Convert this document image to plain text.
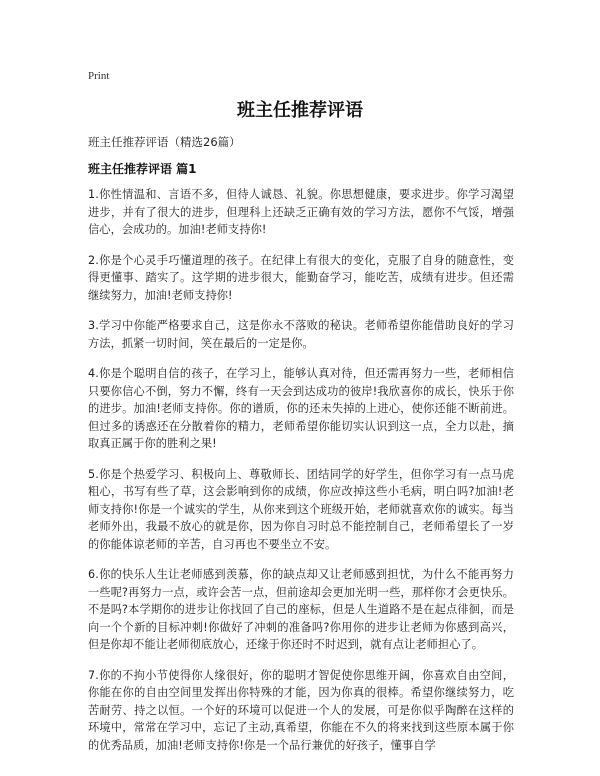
Print
班主任推荐评语
班主任推荐评语（精选26篇）
班主任推荐评语 篇1

1.你性情温和、言语不多，但待人诚恳、礼貌。你思想健康，要求进步。你学习渴望进步，并有了很大的进步，但理科上还缺乏正确有效的学习方法，愿你不气馁，增强信心，会成功的。加油!老师支持你!

2.你是个心灵手巧懂道理的孩子。在纪律上有很大的变化，克服了自身的随意性，变得更懂事、踏实了。这学期的进步很大，能勤奋学习，能吃苦，成绩有进步。但还需继续努力，加油!老师支持你!

3.学习中你能严格要求自己，这是你永不落败的秘诀。老师希望你能借助良好的学习方法，抓紧一切时间，笑在最后的一定是你。

4.你是个聪明自信的孩子，在学习上，能够认真对待，但还需再努力一些，老师相信只要你信心不倒，努力不懈，终有一天会到达成功的彼岸!我欣喜你的成长，快乐于你的进步。加油!老师支持你。你的谱质，你的还未失掉的上进心，使你还能不断前进。但过多的诱惑还在分散着你的精力，老师希望你能切实认识到这一点，全力以赴，摘取真正属于你的胜利之果!

5.你是个热爱学习、积极向上、尊敬师长、团结同学的好学生，但你学习有一点马虎粗心，书写有些了草，这会影响到你的成绩，你应改掉这些小毛病，明白吗?加油!老师支持你!你是一个诚实的学生，从你来到这个班级开始，老师就喜欢你的诚实。每当老师外出，我最不放心的就是你，因为你自习时总不能控制自己，老师希望长了一岁的你能体谅老师的辛苦，自习再也不要坐立不安。

6.你的快乐人生让老师感到羡慕，你的缺点却又让老师感到担忧，为什么不能再努力一些呢?再努力一点，或许会苦一点，但前途却会更加光明一些，那样你才会更快乐。不是吗?本学期你的进步让你找回了自己的座标，但是人生道路不是在起点徘徊，而是向一个个新的目标冲刺!你做好了冲刺的准备吗?你用你的进步让老师为你感到高兴，但是你却不能让老师彻底放心，还缘于你还时不时迟到，就有点让老师担心了。

7.你的不拘小节使得你人缘很好，你的聪明才智促使你思维开阔，你喜欢自由空间，你能在你的自由空间里发挥出你特殊的才能，因为你真的很棒。希望你继续努力，吃苦耐劳、持之以恒。一个好的环境可以促进一个人的发展，可是你似乎陶醉在这样的环境中，常常在学习中，忘记了主动,真希望，你能在不久的将来找到这些原本属于你的优秀品质，加油!老师支持你!你是一个品行兼优的好孩子，懂事自学
